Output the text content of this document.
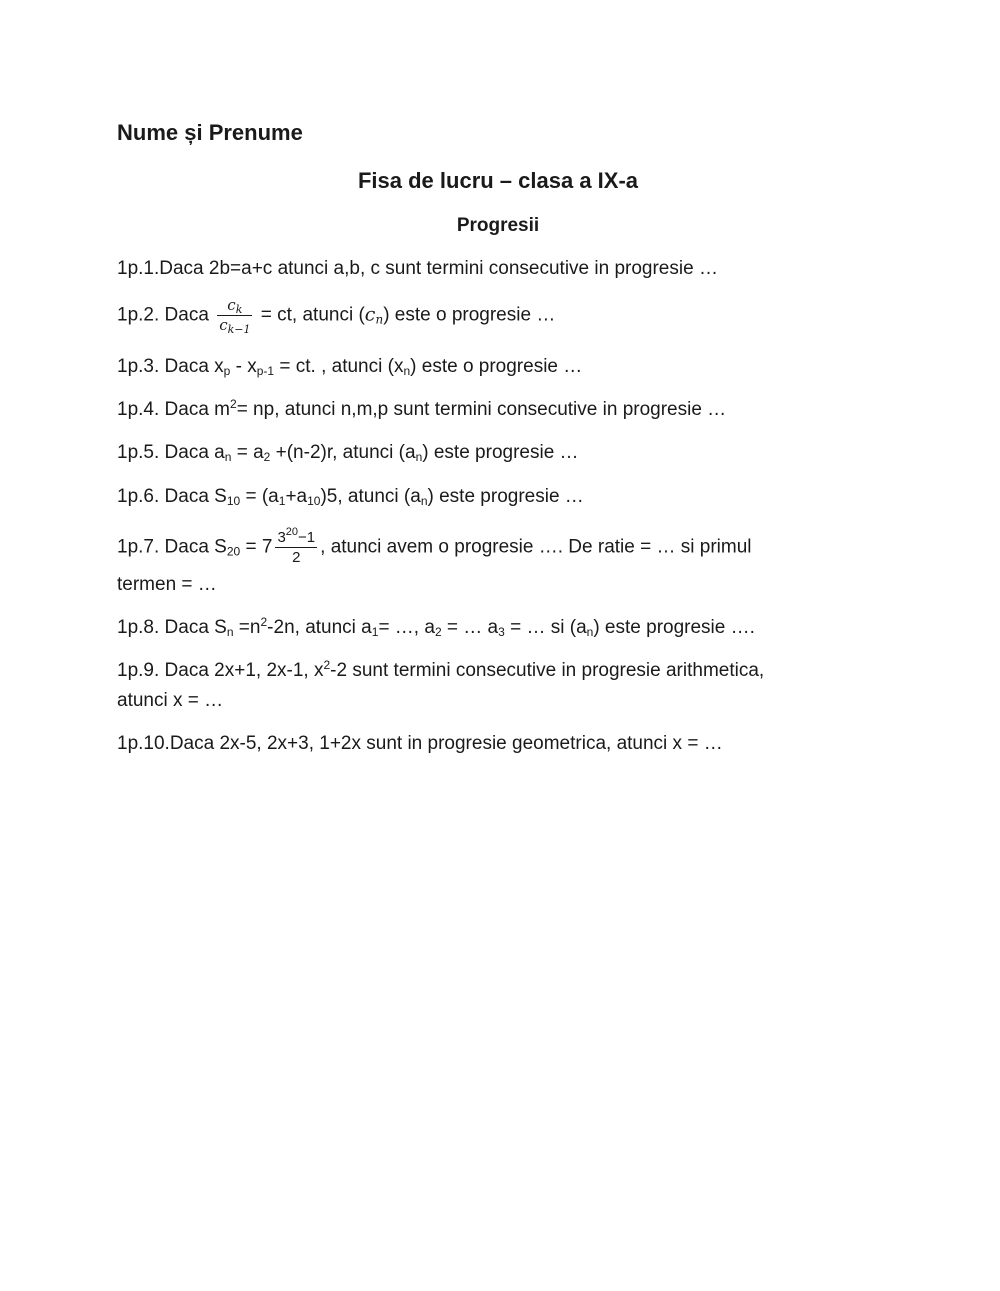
Nume și Prenume
Fisa de lucru – clasa a IX-a
Progresii
1p.1.Daca 2b=a+c atunci a,b, c sunt termini consecutive in progresie …
1p.2. Daca $\frac{c_k}{c_{k-1}}$ = ct, atunci $(c_n)$ este o progresie …
1p.3. Daca $x_p - x_{p-1}$ = ct. , atunci $(x_n)$ este o progresie …
1p.4. Daca $m^2=$ np, atunci n,m,p sunt termini consecutive in progresie …
1p.5. Daca $a_n = a_2 +(n-2)r$, atunci $(a_n)$ este progresie …
1p.6. Daca $S_{10} = (a_1+a_{10})5$, atunci $(a_n)$ este progresie …
1p.7. Daca $S_{20} = 7 \frac{3^{20}-1}{2}$ , atunci avem o progresie …. De ratie = … si primul
termen = …
1p.8. Daca $S_n =n^2-2n$, atunci $a_1=$ …, $a_2$ = … $a_3$ = … si $(a_n)$ este progresie ….
1p.9. Daca 2x+1, 2x-1, $x^2-2$ sunt termini consecutive in progresie arithmetica,
atunci x = …
1p.10.Daca 2x-5, 2x+3, 1+2x sunt in progresie geometrica, atunci x = …
